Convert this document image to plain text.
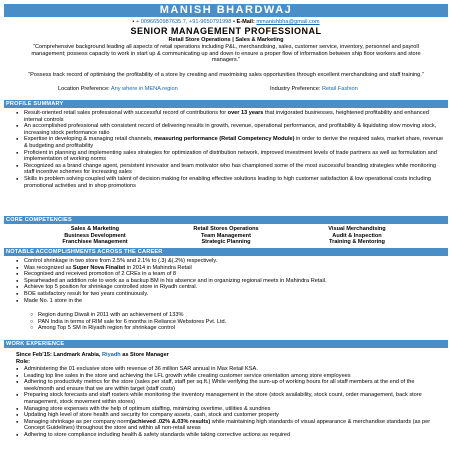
MANISH BHARDWAJ
• + 0096650987635 7, +91-9650791998 • E-Mail: mmanishbha@gmail.com
SENIOR MANAGEMENT PROFESSIONAL
Retail Store Operations | Sales & Marketing
“Comprehensive background leading all aspects of retail operations including P&L, merchandising, sales, customer service, inventory, personnel and payroll management; possess capacity to work in start up & communicating up and down to ensure a proper flow of information between ship floor workers and store managers.”
“Possess track record of optimising the profitability of a store by creating and maximising sales opportunities through excellent merchandising and staff training.”
Location Preference: Any where in MENA region	Industry Preference: Retail Fashion
PROFILE SUMMARY
● Result-oriented retail sales professional with successful record of contributions for over 13 years that invigorated businesses, heightened profitability and enhanced internal controls
● An accomplished professional with consistent record of delivering results in growth, revenue, operational performance, and profitability & liquidating slow moving stock, increasing stock performance ratio
● Expertise in developing & managing retail channels, measuring performance (Retail Competency Module) in order to derive the required sales, market share, revenue & budgeting and profitability
● Proficient in planning and implementing sales strategies for optimization of distribution network, improved investment levels of trade partners as well as formulation and implementation of working norms
● Recognized as a brand change agent, persistent innovator and team motivator who has championed some of the most successful branding strategies while monitoring staff incentive schemes for increasing sales
● Skills in problem solving coupled with talent of decision making for enabling effective solutions leading to high customer satisfaction & low operational costs including promotional activities and in shop promotions
CORE COMPETENCIES
Sales & Marketing
Business Development
Franchisee Management
Retail Stores Operations
Team Management
Strategic Planning
Visual Merchandising
Audit & Inspection
Training & Mentoring
NOTABLE ACCOMPLISHMENTS ACROSS THE CAREER
● Control shrinkage in two store from 2.5% and 2.1% to (.3) &(.2%) respectively.
● Was recognized as Super Nova Finalist in 2014 in Mahindra Retail
● Recognised and received promotion of 2 CREs in a team of 8
● Spearheaded an addition role to work as a backup BM in his absence and in organizing regional meets in Mahindra Retail.
● Achieve top 5 position for shrinkage controlled store in Riyadh central.
● BOE satisfactory result for two years continuously.
● Made No. 1 store in the
○ Region during Diwali in 2011 with an achievement of 133%
○ PAN India in terms of RIM sale for 6 months in Reliance Webstores Pvt. Ltd.
○ Among Top 5 SM in Riyadh region for shrinkage control
WORK EXPERIENCE
Since Feb'15: Landmark Arabia, Riyadh as Store Manager
Role:
● Administering the 01 exclusive store with revenue of 36 million SAR annual in Max Retail KSA.
● Leading top line sales in the store and achieving the LFL growth while creating customer service orientation among store employees
● Adhering to productivity metrics for the store (sales per staff, staff per sq.ft.) While verifying the sum-up of working hours for all staff members at the end of the week/month and ensure that we are within target (staff costs)
● Preparing stock forecasts and staff rosters while monitoring the inventory management in the store (stock availability, stock count, order management, back store management, stock movement within stores)
● Managing store expenses with the help of optimum staffing, minimizing overtime, utilities & sundries
● Updating high level of store health and security for company assets, cash, stock and customer property
● Managing shrinkage as per company norm(achieved .02% &.03% results) while maintaining high standards of visual appearance & merchandise standards (as per Concept Guidelines) throughout the store and within all non-retail areas
● Adhering to store compliance including health & safety standards while taking corrective actions as required
